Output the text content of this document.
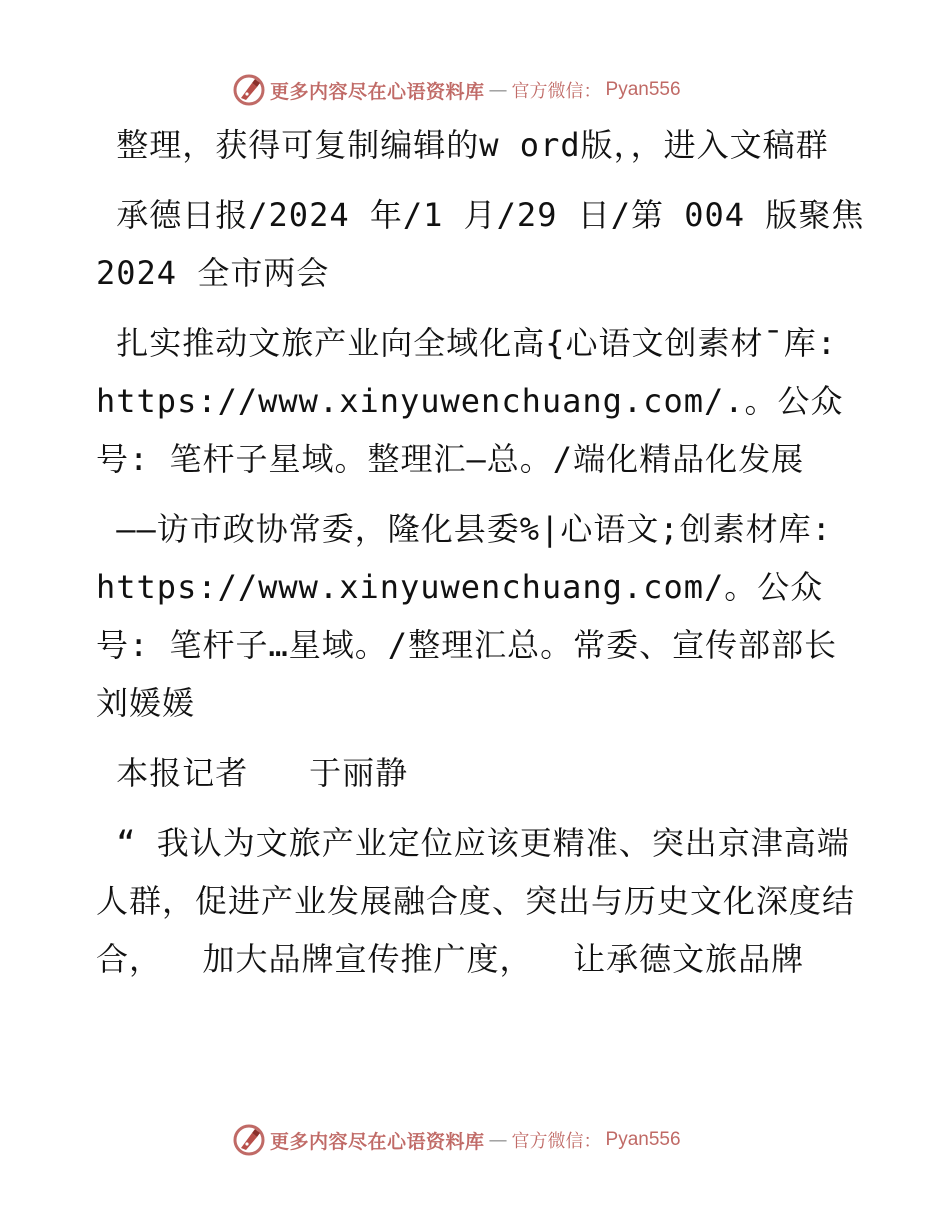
更多内容尽在心语资料库 — 官方微信： Pyan556

整理，获得可复制编辑的w ord版，，进入文稿群

承德日报/2024 年/1 月/29 日/第 004 版聚焦 2024 全市两会

扎实推动文旅产业向全域化高{心语文创素材¯库: https://www.xinyuwenchuang.com/.。公众号: 笔杆子星域。整理汇—总。/端化精品化发展

——访市政协常委，隆化县委%|心语文;创素材库: https://www.xinyuwenchuang.com/。公众号: 笔杆子…星域。/整理汇总。常委、宣传部部长刘媛媛

本报记者   于丽静

“ 我认为文旅产业定位应该更精准、突出京津高端人群，促进产业发展融合度、突出与历史文化深度结合，  加大品牌宣传推广度，  让承德文旅品牌

更多内容尽在心语资料库 — 官方微信： Pyan556
